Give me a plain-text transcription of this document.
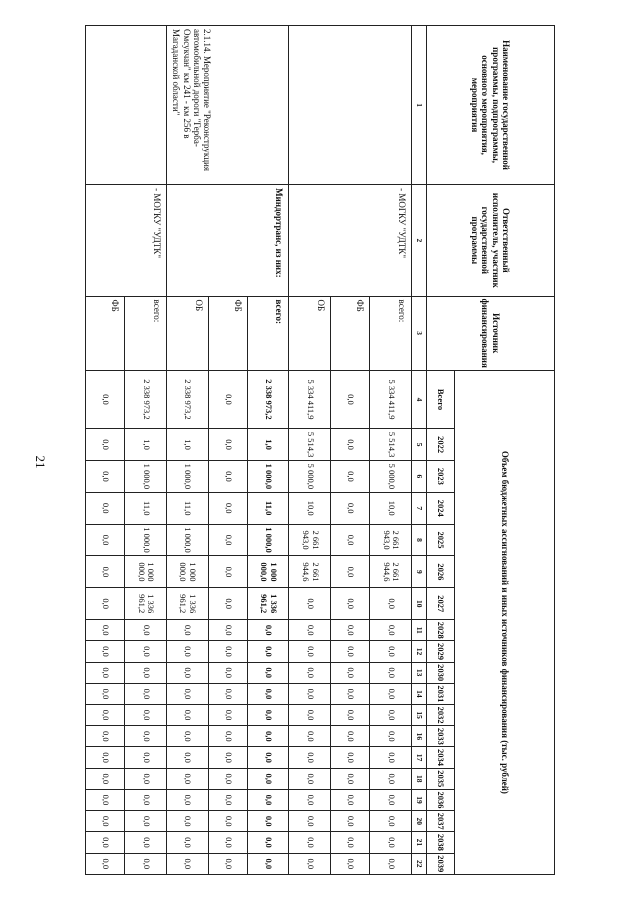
21
Наименование государственной программы, подпрограммы, основного мероприятия, мероприятия	Ответственный исполнитель, участник государственной программы	Источник финансирования	Объем бюджетных ассигнований и иных источников финансирования (тыс. рублей)																		
			Всего	2022	2023	2024	2025	2026	2027	2028	2029	2030	2031	2032	2033	2034	2035	2036	2037	2038	2039
1	2	3	4	5	6	7	8	9	10	11	12	13	14	15	16	17	18	19	20	21	22
	- МОГКУ "УДТК"	всего:	5 334 411,9	5 514,3	5 000,0	10,0	2 661 943,0	2 661 944,6	0,0	0,0	0,0	0,0	0,0	0,0	0,0	0,0	0,0	0,0	0,0	0,0	0,0
		ФБ	0,0	0,0	0,0	0,0	0,0	0,0	0,0	0,0	0,0	0,0	0,0	0,0	0,0	0,0	0,0	0,0	0,0	0,0	0,0
		ОБ	5 334 411,9	5 514,3	5 000,0	10,0	2 661 943,0	2 661 944,6	0,0	0,0	0,0	0,0	0,0	0,0	0,0	0,0	0,0	0,0	0,0	0,0	0,0
2.1.14. Мероприятие "Реконструкция автомобильной дороги "Герба-Омсукчан" км 241 - км 256 в Магаданской области"	Миндортранс, из них:	всего:	2 338 973,2	1,0	1 000,0	11,0	1 000,0	1 000 000,0	1 336 961,2	0,0	0,0	0,0	0,0	0,0	0,0	0,0	0,0	0,0	0,0	0,0	0,0
		ФБ	0,0	0,0	0,0	0,0	0,0	0,0	0,0	0,0	0,0	0,0	0,0	0,0	0,0	0,0	0,0	0,0	0,0	0,0	0,0
		ОБ	2 338 973,2	1,0	1 000,0	11,0	1 000,0	1 000 000,0	1 336 961,2	0,0	0,0	0,0	0,0	0,0	0,0	0,0	0,0	0,0	0,0	0,0	0,0
	- МОГКУ "УДТК"	всего:	2 338 973,2	1,0	1 000,0	11,0	1 000,0	1 000 000,0	1 336 961,2	0,0	0,0	0,0	0,0	0,0	0,0	0,0	0,0	0,0	0,0	0,0	0,0
		ФБ	0,0	0,0	0,0	0,0	0,0	0,0	0,0	0,0	0,0	0,0	0,0	0,0	0,0	0,0	0,0	0,0	0,0	0,0	0,0
